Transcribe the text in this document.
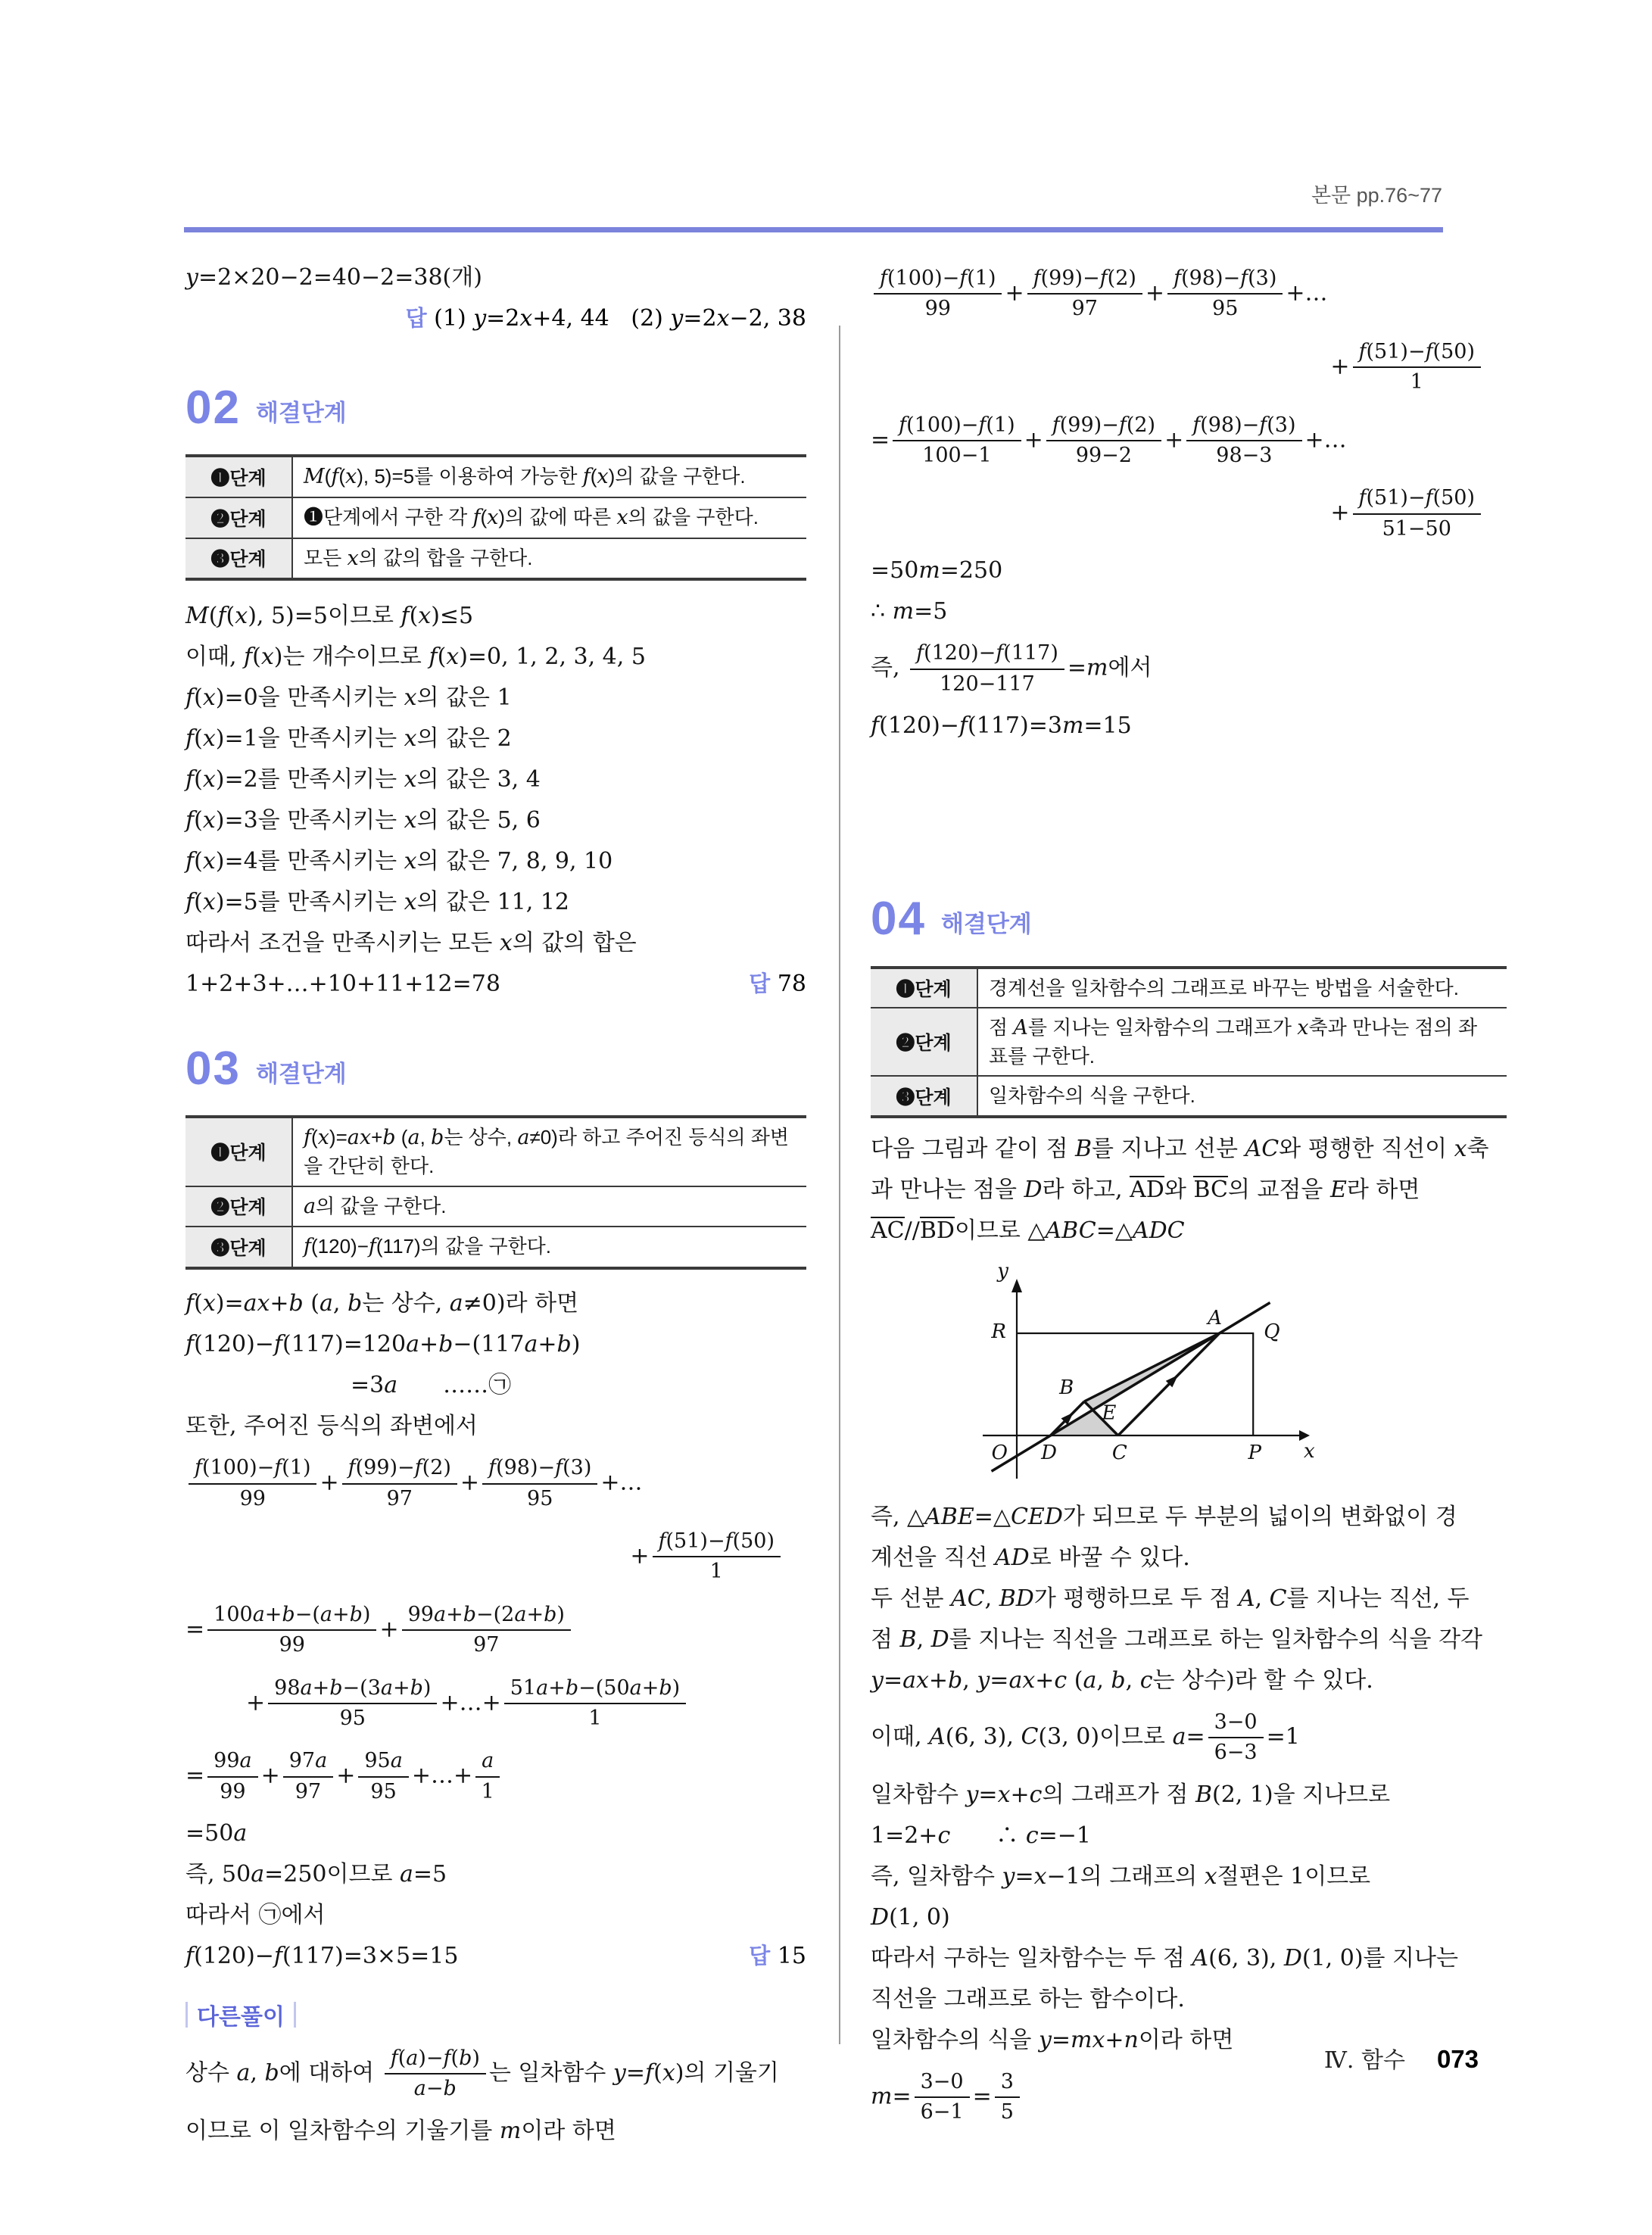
본문 pp.76~77
y=2×20−2=40−2=38(개)
답 (1) y=2x+4, 44   (2) y=2x−2, 38
02 해결단계
❶단계	M(f(x), 5)=5를 이용하여 가능한 f(x)의 값을 구한다.
❷단계	❶단계에서 구한 각 f(x)의 값에 따른 x의 값을 구한다.
❸단계	모든 x의 값의 합을 구한다.
M(f(x), 5)=5이므로 f(x)≤5
이때, f(x)는 개수이므로 f(x)=0, 1, 2, 3, 4, 5
f(x)=0을 만족시키는 x의 값은 1
f(x)=1을 만족시키는 x의 값은 2
f(x)=2를 만족시키는 x의 값은 3, 4
f(x)=3을 만족시키는 x의 값은 5, 6
f(x)=4를 만족시키는 x의 값은 7, 8, 9, 10
f(x)=5를 만족시키는 x의 값은 11, 12
따라서 조건을 만족시키는 모든 x의 값의 합은
1+2+3+…+10+11+12=78	답 78
03 해결단계
❶단계	f(x)=ax+b (a, b는 상수, a≠0)라 하고 주어진 등식의 좌변을 간단히 한다.
❷단계	a의 값을 구한다.
❸단계	f(120)−f(117)의 값을 구한다.
f(x)=ax+b (a, b는 상수, a≠0)라 하면
f(120)−f(117)=120a+b−(117a+b)
=3a　　……㉠
또한, 주어진 등식의 좌변에서
$\frac{f(100)-f(1)}{99} + \frac{f(99)-f(2)}{97} + \frac{f(98)-f(3)}{95}$ +…
+ $\frac{f(51)-f(50)}{1}$
= $\frac{100a+b-(a+b)}{99} + \frac{99a+b-(2a+b)}{97}$
+ $\frac{98a+b-(3a+b)}{95}$ +…+ $\frac{51a+b-(50a+b)}{1}$
= $\frac{99a}{99} + \frac{97a}{97} + \frac{95a}{95}$ +…+ $\frac{a}{1}$
=50a
즉, 50a=250이므로 a=5
따라서 ㉠에서
f(120)−f(117)=3×5=15	답 15
다른풀이
상수 a, b에 대하여 $\frac{f(a)-f(b)}{a-b}$ 는 일차함수 y=f(x)의 기울기
이므로 이 일차함수의 기울기를 m이라 하면
$\frac{f(100)-f(1)}{99} + \frac{f(99)-f(2)}{97} + \frac{f(98)-f(3)}{95}$ +…
+ $\frac{f(51)-f(50)}{1}$
= $\frac{f(100)-f(1)}{100-1} + \frac{f(99)-f(2)}{99-2} + \frac{f(98)-f(3)}{98-3}$ +…
+ $\frac{f(51)-f(50)}{51-50}$
=50m=250
∴ m=5
즉, $\frac{f(120)-f(117)}{120-117} =m$에서
f(120)−f(117)=3m=15
04 해결단계
❶단계	경계선을 일차함수의 그래프로 바꾸는 방법을 서술한다.
❷단계	점 A를 지나는 일차함수의 그래프가 x축과 만나는 점의 좌표를 구한다.
❸단계	일차함수의 식을 구한다.
다음 그림과 같이 점 B를 지나고 선분 AC와 평행한 직선이 x축
과 만나는 점을 D라 하고, AD와 BC의 교점을 E라 하면
AC//BD이므로 △ABC=△ADC
A
Q
R
B
E
O D	C	P x
y
즉, △ABE=△CED가 되므로 두 부분의 넓이의 변화없이 경
계선을 직선 AD로 바꿀 수 있다.
두 선분 AC, BD가 평행하므로 두 점 A, C를 지나는 직선, 두
점 B, D를 지나는 직선을 그래프로 하는 일차함수의 식을 각각
y=ax+b, y=ax+c (a, b, c는 상수)라 할 수 있다.
이때, A(6, 3), C(3, 0)이므로 $a= \frac{3-0}{6-3} =1$
일차함수 y=x+c의 그래프가 점 B(2, 1)을 지나므로
1=2+c　　∴ c=−1
즉, 일차함수 y=x−1의 그래프의 x절편은 1이므로
D(1, 0)
따라서 구하는 일차함수는 두 점 A(6, 3), D(1, 0)를 지나는
직선을 그래프로 하는 함수이다.
일차함수의 식을 y=mx+n이라 하면
$m= \frac{3-0}{6-1} = \frac{3}{5}$
Ⅳ. 함수 073
